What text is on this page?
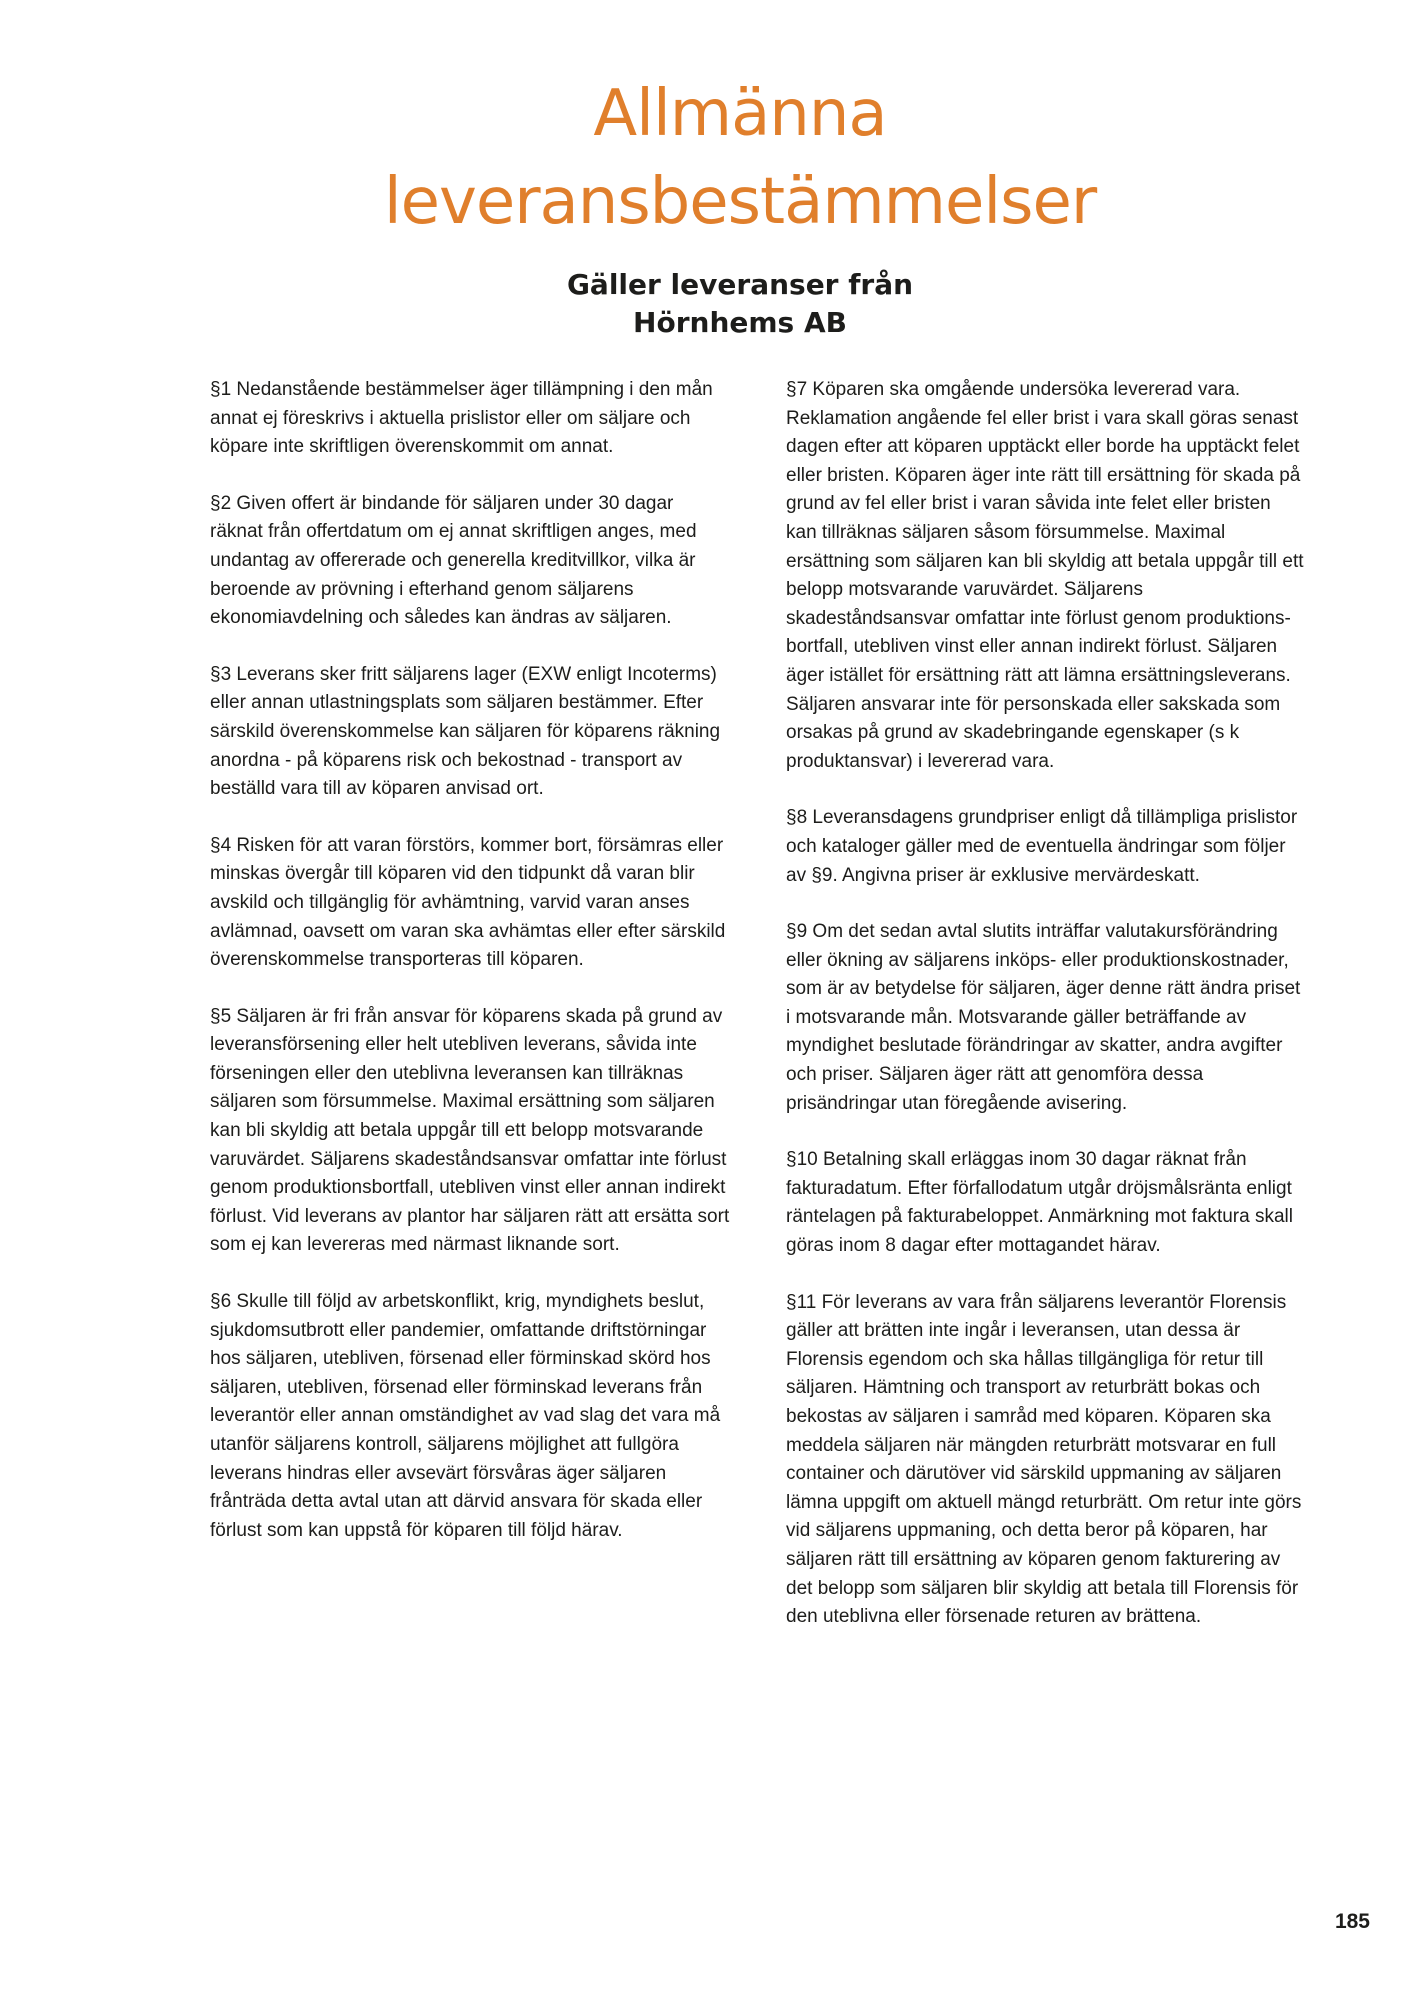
Allmänna
leveransbestämmelser
Gäller leveranser från
Hörnhems AB

§1 Nedanstående bestämmelser äger tillämpning i den mån annat ej föreskrivs i aktuella prislistor eller om säljare och köpare inte skriftligen överenskommit om annat.

§2 Given offert är bindande för säljaren under 30 dagar räknat från offertdatum om ej annat skriftligen anges, med undantag av offererade och generella kreditvillkor, vilka är beroende av prövning i efterhand genom säljarens ekonomiavdelning och således kan ändras av säljaren.

§3 Leverans sker fritt säljarens lager (EXW enligt Incoterms) eller annan utlastningsplats som säljaren bestämmer. Efter särskild överenskommelse kan säljaren för köparens räkning anordna - på köparens risk och bekostnad - transport av beställd vara till av köparen anvisad ort.

§4 Risken för att varan förstörs, kommer bort, försämras eller minskas övergår till köparen vid den tidpunkt då varan blir avskild och tillgänglig för avhämtning, varvid varan anses avlämnad, oavsett om varan ska avhämtas eller efter särskild överenskommelse transporteras till köparen.

§5 Säljaren är fri från ansvar för köparens skada på grund av leveransförsening eller helt utebliven leverans, såvida inte förseningen eller den uteblivna leveransen kan tillräknas säljaren som försummelse. Maximal ersättning som säljaren kan bli skyldig att betala uppgår till ett belopp motsvarande varuvärdet. Säljarens skadeståndsansvar omfattar inte förlust genom produktionsbortfall, utebliven vinst eller annan indirekt förlust. Vid leverans av plantor har säljaren rätt att ersätta sort som ej kan levereras med närmast liknande sort.

§6 Skulle till följd av arbetskonflikt, krig, myndighets beslut, sjukdomsutbrott eller pandemier, omfattande driftstörningar hos säljaren, utebliven, försenad eller förminskad skörd hos säljaren, utebliven, försenad eller förminskad leverans från leverantör eller annan omständighet av vad slag det vara må utanför säljarens kontroll, säljarens möjlighet att fullgöra leverans hindras eller avsevärt försvåras äger säljaren frånträda detta avtal utan att därvid ansvara för skada eller förlust som kan uppstå för köparen till följd härav.

§7 Köparen ska omgående undersöka levererad vara. Reklamation angående fel eller brist i vara skall göras senast dagen efter att köparen upptäckt eller borde ha upptäckt felet eller bristen. Köparen äger inte rätt till ersättning för skada på grund av fel eller brist i varan såvida inte felet eller bristen kan tillräknas säljaren såsom försummelse. Maximal ersättning som säljaren kan bli skyldig att betala uppgår till ett belopp motsvarande varuvärdet. Säljarens skadeståndsansvar omfattar inte förlust genom produktions-bortfall, utebliven vinst eller annan indirekt förlust. Säljaren äger istället för ersättning rätt att lämna ersättningsleverans. Säljaren ansvarar inte för personskada eller sakskada som orsakas på grund av skadebringande egenskaper (s k produktansvar) i levererad vara.

§8 Leveransdagens grundpriser enligt då tillämpliga prislistor och kataloger gäller med de eventuella ändringar som följer av §9. Angivna priser är exklusive mervärdeskatt.

§9 Om det sedan avtal slutits inträffar valutakursförändring eller ökning av säljarens inköps- eller produktionskostnader, som är av betydelse för säljaren, äger denne rätt ändra priset i motsvarande mån. Motsvarande gäller beträffande av myndighet beslutade förändringar av skatter, andra avgifter och priser. Säljaren äger rätt att genomföra dessa prisändringar utan föregående avisering.

§10 Betalning skall erläggas inom 30 dagar räknat från fakturadatum. Efter förfallodatum utgår dröjsmålsränta enligt räntelagen på fakturabeloppet. Anmärkning mot faktura skall göras inom 8 dagar efter mottagandet härav.

§11 För leverans av vara från säljarens leverantör Florensis gäller att brätten inte ingår i leveransen, utan dessa är Florensis egendom och ska hållas tillgängliga för retur till säljaren. Hämtning och transport av returbrätt bokas och bekostas av säljaren i samråd med köparen. Köparen ska meddela säljaren när mängden returbrätt motsvarar en full container och därutöver vid särskild uppmaning av säljaren lämna uppgift om aktuell mängd returbrätt. Om retur inte görs vid säljarens uppmaning, och detta beror på köparen, har säljaren rätt till ersättning av köparen genom fakturering av det belopp som säljaren blir skyldig att betala till Florensis för den uteblivna eller försenade returen av brättena.

185
